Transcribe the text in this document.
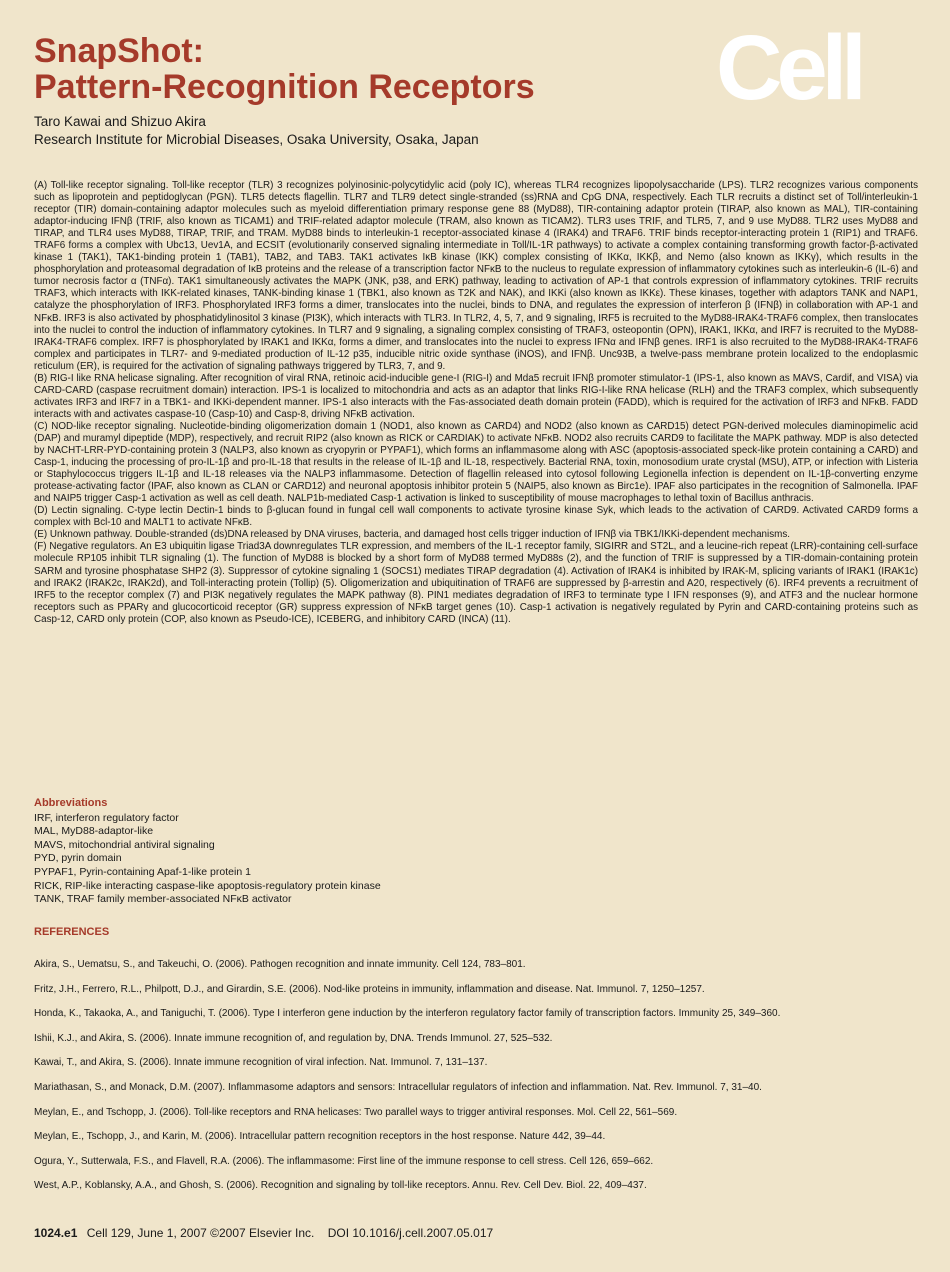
SnapShot:
Pattern-Recognition Receptors Cell
Taro Kawai and Shizuo Akira
Research Institute for Microbial Diseases, Osaka University, Osaka, Japan

(A) Toll-like receptor signaling. Toll-like receptor (TLR) 3 recognizes polyinosinic-polycytidylic acid (poly IC), whereas TLR4 recognizes lipopolysaccharide (LPS). TLR2 recognizes various components such as lipoprotein and peptidoglycan (PGN). TLR5 detects flagellin. TLR7 and TLR9 detect single-stranded (ss)RNA and CpG DNA, respectively. Each TLR recruits a distinct set of Toll/interleukin-1 receptor (TIR) domain-containing adaptor molecules such as myeloid differentiation primary response gene 88 (MyD88), TIR-containing adaptor protein (TIRAP, also known as MAL), TIR-containing adaptor-inducing IFNβ (TRIF, also known as TICAM1) and TRIF-related adaptor molecule (TRAM, also known as TICAM2). TLR3 uses TRIF, and TLR5, 7, and 9 use MyD88. TLR2 uses MyD88 and TIRAP, and TLR4 uses MyD88, TIRAP, TRIF, and TRAM. MyD88 binds to interleukin-1 receptor-associated kinase 4 (IRAK4) and TRAF6. TRIF binds receptor-interacting protein 1 (RIP1) and TRAF6. TRAF6 forms a complex with Ubc13, Uev1A, and ECSIT (evolutionarily conserved signaling intermediate in Toll/IL-1R pathways) to activate a complex containing transforming growth factor-β-activated kinase 1 (TAK1), TAK1-binding protein 1 (TAB1), TAB2, and TAB3. TAK1 activates IκB kinase (IKK) complex consisting of IKKα, IKKβ, and Nemo (also known as IKKγ), which results in the phosphorylation and proteasomal degradation of IκB proteins and the release of a transcription factor NFκB to the nucleus to regulate expression of inflammatory cytokines such as interleukin-6 (IL-6) and tumor necrosis factor α (TNFα). TAK1 simultaneously activates the MAPK (JNK, p38, and ERK) pathway, leading to activation of AP-1 that controls expression of inflammatory cytokines. TRIF recruits TRAF3, which interacts with IKK-related kinases, TANK-binding kinase 1 (TBK1, also known as T2K and NAK), and IKKi (also known as IKKε). These kinases, together with adaptors TANK and NAP1, catalyze the phosphorylation of IRF3. Phosphorylated IRF3 forms a dimer, translocates into the nuclei, binds to DNA, and regulates the expression of interferon β (IFNβ) in collaboration with AP-1 and NFκB. IRF3 is also activated by phosphatidylinositol 3 kinase (PI3K), which interacts with TLR3. In TLR2, 4, 5, 7, and 9 signaling, IRF5 is recruited to the MyD88-IRAK4-TRAF6 complex, then translocates into the nuclei to control the induction of inflammatory cytokines. In TLR7 and 9 signaling, a signaling complex consisting of TRAF3, osteopontin (OPN), IRAK1, IKKα, and IRF7 is recruited to the MyD88-IRAK4-TRAF6 complex. IRF7 is phosphorylated by IRAK1 and IKKα, forms a dimer, and translocates into the nuclei to express IFNα and IFNβ genes. IRF1 is also recruited to the MyD88-IRAK4-TRAF6 complex and participates in TLR7- and 9-mediated production of IL-12 p35, inducible nitric oxide synthase (iNOS), and IFNβ. Unc93B, a twelve-pass membrane protein localized to the endoplasmic reticulum (ER), is required for the activation of signaling pathways triggered by TLR3, 7, and 9.

(B) RIG-I like RNA helicase signaling. After recognition of viral RNA, retinoic acid-inducible gene-I (RIG-I) and Mda5 recruit IFNβ promoter stimulator-1 (IPS-1, also known as MAVS, Cardif, and VISA) via CARD-CARD (caspase recruitment domain) interaction. IPS-1 is localized to mitochondria and acts as an adaptor that links RIG-I-like RNA helicase (RLH) and the TRAF3 complex, which subsequently activates IRF3 and IRF7 in a TBK1- and IKKi-dependent manner. IPS-1 also interacts with the Fas-associated death domain protein (FADD), which is required for the activation of IRF3 and NFκB. FADD interacts with and activates caspase-10 (Casp-10) and Casp-8, driving NFκB activation.

(C) NOD-like receptor signaling. Nucleotide-binding oligomerization domain 1 (NOD1, also known as CARD4) and NOD2 (also known as CARD15) detect PGN-derived molecules diaminopimelic acid (DAP) and muramyl dipeptide (MDP), respectively, and recruit RIP2 (also known as RICK or CARDIAK) to activate NFκB. NOD2 also recruits CARD9 to facilitate the MAPK pathway. MDP is also detected by NACHT-LRR-PYD-containing protein 3 (NALP3, also known as cryopyrin or PYPAF1), which forms an inflammasome along with ASC (apoptosis-associated speck-like protein containing a CARD) and Casp-1, inducing the processing of pro-IL-1β and pro-IL-18 that results in the release of IL-1β and IL-18, respectively. Bacterial RNA, toxin, monosodium urate crystal (MSU), ATP, or infection with Listeria or Staphylococcus triggers IL-1β and IL-18 releases via the NALP3 inflammasome. Detection of flagellin released into cytosol following Legionella infection is dependent on IL-1β-converting enzyme protease-activating factor (IPAF, also known as CLAN or CARD12) and neuronal apoptosis inhibitor protein 5 (NAIP5, also known as Birc1e). IPAF also participates in the recognition of Salmonella. IPAF and NAIP5 trigger Casp-1 activation as well as cell death. NALP1b-mediated Casp-1 activation is linked to susceptibility of mouse macrophages to lethal toxin of Bacillus anthracis.

(D) Lectin signaling. C-type lectin Dectin-1 binds to β-glucan found in fungal cell wall components to activate tyrosine kinase Syk, which leads to the activation of CARD9. Activated CARD9 forms a complex with Bcl-10 and MALT1 to activate NFκB.

(E) Unknown pathway. Double-stranded (ds)DNA released by DNA viruses, bacteria, and damaged host cells trigger induction of IFNβ via TBK1/IKKi-dependent mechanisms.

(F) Negative regulators. An E3 ubiquitin ligase Triad3A downregulates TLR expression, and members of the IL-1 receptor family, SIGIRR and ST2L, and a leucine-rich repeat (LRR)-containing cell-surface molecule RP105 inhibit TLR signaling (1). The function of MyD88 is blocked by a short form of MyD88 termed MyD88s (2), and the function of TRIF is suppressed by a TIR-domain-containing protein SARM and tyrosine phosphatase SHP2 (3). Suppressor of cytokine signaling 1 (SOCS1) mediates TIRAP degradation (4). Activation of IRAK4 is inhibited by IRAK-M, splicing variants of IRAK1 (IRAK1c) and IRAK2 (IRAK2c, IRAK2d), and Toll-interacting protein (Tollip) (5). Oligomerization and ubiquitination of TRAF6 are suppressed by β-arrestin and A20, respectively (6). IRF4 prevents a recruitment of IRF5 to the receptor complex (7) and PI3K negatively regulates the MAPK pathway (8). PIN1 mediates degradation of IRF3 to terminate type I IFN responses (9), and ATF3 and the nuclear hormone receptors such as PPARγ and glucocorticoid receptor (GR) suppress expression of NFκB target genes (10). Casp-1 activation is negatively regulated by Pyrin and CARD-containing proteins such as Casp-12, CARD only protein (COP, also known as Pseudo-ICE), ICEBERG, and inhibitory CARD (INCA) (11).

Abbreviations
IRF, interferon regulatory factor
MAL, MyD88-adaptor-like
MAVS, mitochondrial antiviral signaling
PYD, pyrin domain
PYPAF1, Pyrin-containing Apaf-1-like protein 1
RICK, RIP-like interacting caspase-like apoptosis-regulatory protein kinase
TANK, TRAF family member-associated NFκB activator
REFERENCES
Akira, S., Uematsu, S., and Takeuchi, O. (2006). Pathogen recognition and innate immunity. Cell 124, 783–801.
Fritz, J.H., Ferrero, R.L., Philpott, D.J., and Girardin, S.E. (2006). Nod-like proteins in immunity, inflammation and disease. Nat. Immunol. 7, 1250–1257.
Honda, K., Takaoka, A., and Taniguchi, T. (2006). Type I interferon gene induction by the interferon regulatory factor family of transcription factors. Immunity 25, 349–360.
Ishii, K.J., and Akira, S. (2006). Innate immune recognition of, and regulation by, DNA. Trends Immunol. 27, 525–532.
Kawai, T., and Akira, S. (2006). Innate immune recognition of viral infection. Nat. Immunol. 7, 131–137.
Mariathasan, S., and Monack, D.M. (2007). Inflammasome adaptors and sensors: Intracellular regulators of infection and inflammation. Nat. Rev. Immunol. 7, 31–40.
Meylan, E., and Tschopp, J. (2006). Toll-like receptors and RNA helicases: Two parallel ways to trigger antiviral responses. Mol. Cell 22, 561–569.
Meylan, E., Tschopp, J., and Karin, M. (2006). Intracellular pattern recognition receptors in the host response. Nature 442, 39–44.
Ogura, Y., Sutterwala, F.S., and Flavell, R.A. (2006). The inflammasome: First line of the immune response to cell stress. Cell 126, 659–662.
West, A.P., Koblansky, A.A., and Ghosh, S. (2006). Recognition and signaling by toll-like receptors. Annu. Rev. Cell Dev. Biol. 22, 409–437.
1024.e1 Cell 129, June 1, 2007 ©2007 Elsevier Inc.    DOI 10.1016/j.cell.2007.05.017
